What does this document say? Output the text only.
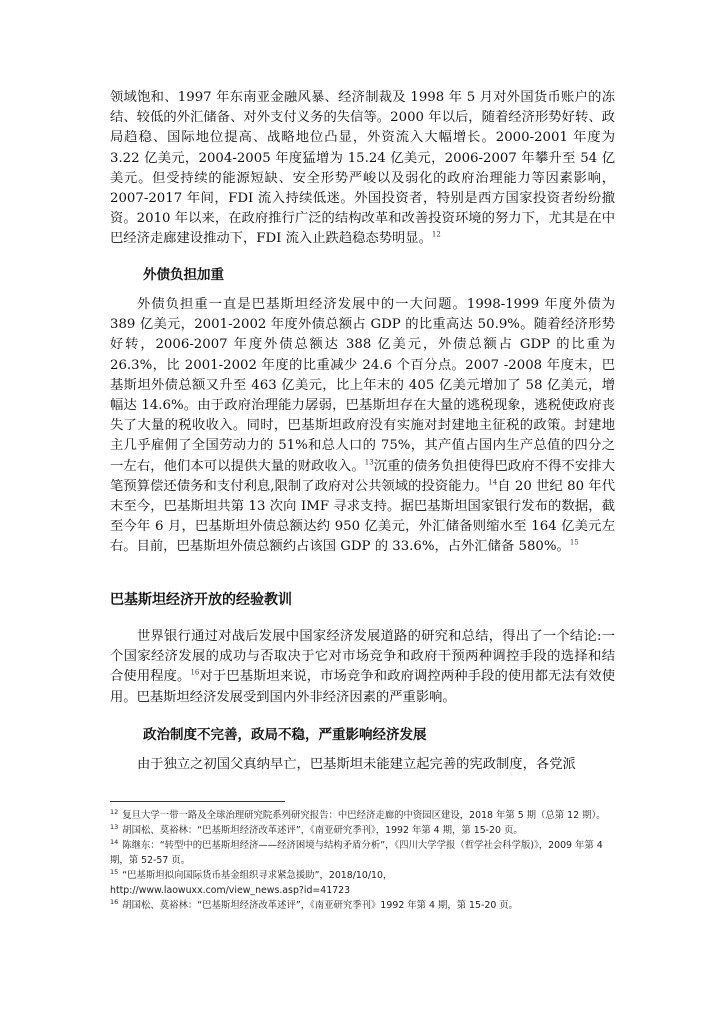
领域饱和、1997 年东南亚金融风暴、经济制裁及 1998 年 5 月对外国货币账户的冻结、较低的外汇储备、对外支付义务的失信等。2000 年以后，随着经济形势好转、政局趋稳、国际地位提高、战略地位凸显，外资流入大幅增长。2000-2001 年度为 3.22 亿美元，2004-2005 年度猛增为 15.24 亿美元，2006-2007 年攀升至 54 亿美元。但受持续的能源短缺、安全形势严峻以及弱化的政府治理能力等因素影响，2007-2017 年间，FDI 流入持续低迷。外国投资者，特别是西方国家投资者纷纷撤资。2010 年以来，在政府推行广泛的结构改革和改善投资环境的努力下，尤其是在中巴经济走廊建设推动下，FDI 流入止跌趋稳态势明显。$^{12}$

外债负担加重

外债负担重一直是巴基斯坦经济发展中的一大问题。1998-1999 年度外债为 389 亿美元，2001-2002 年度外债总额占 GDP 的比重高达 50.9%。随着经济形势好转，2006-2007 年度外债总额达 388 亿美元，外债总额占 GDP 的比重为 26.3%，比 2001-2002 年度的比重减少 24.6 个百分点。2007 -2008 年度末，巴基斯坦外债总额又升至 463 亿美元，比上年末的 405 亿美元增加了 58 亿美元，增幅达 14.6%。由于政府治理能力孱弱，巴基斯坦存在大量的逃税现象，逃税使政府丧失了大量的税收收入。同时，巴基斯坦政府没有实施对封建地主征税的政策。封建地主几乎雇佣了全国劳动力的 51%和总人口的 75%，其产值占国内生产总值的四分之一左右，他们本可以提供大量的财政收入。$^{13}$沉重的债务负担使得巴政府不得不安排大笔预算偿还债务和支付利息,限制了政府对公共领域的投资能力。$^{14}$自 20 世纪 80 年代末至今，巴基斯坦共第 13 次向 IMF 寻求支持。据巴基斯坦国家银行发布的数据，截至今年 6 月，巴基斯坦外债总额达约 950 亿美元，外汇储备则缩水至 164 亿美元左右。目前，巴基斯坦外债总额约占该国 GDP 的 33.6%，占外汇储备 580%。$^{15}$

巴基斯坦经济开放的经验教训

世界银行通过对战后发展中国家经济发展道路的研究和总结，得出了一个结论:一个国家经济发展的成功与否取决于它对市场竞争和政府干预两种调控手段的选择和结合使用程度。$^{16}$对于巴基斯坦来说，市场竞争和政府调控两种手段的使用都无法有效使用。巴基斯坦经济发展受到国内外非经济因素的严重影响。

政治制度不完善，政局不稳，严重影响经济发展

由于独立之初国父真纳早亡，巴基斯坦未能建立起完善的宪政制度，各党派

$^{12}$ 复旦大学一带一路及全球治理研究院系列研究报告：中巴经济走廊的中资园区建设，2018 年第 5 期（总第 12 期）。

$^{13}$ 胡国松、莫裕林：“巴基斯坦经济改革述评”，《南亚研究季刊》，1992 年第 4 期，第 15-20 页。

$^{14}$ 陈继东：“转型中的巴基斯坦经济——经济困境与结构矛盾分析”，《四川大学学报（哲学社会科学版)》，2009 年第 4 期，第 52-57 页。

$^{15}$ “巴基斯坦拟向国际货币基金组织寻求紧急援助”，2018/10/10，
http://www.laowuxx.com/view_news.asp?id=41723

$^{16}$ 胡国松、莫裕林：“巴基斯坦经济改革述评”，《南亚研究季刊》1992 年第 4 期，第 15-20 页。
